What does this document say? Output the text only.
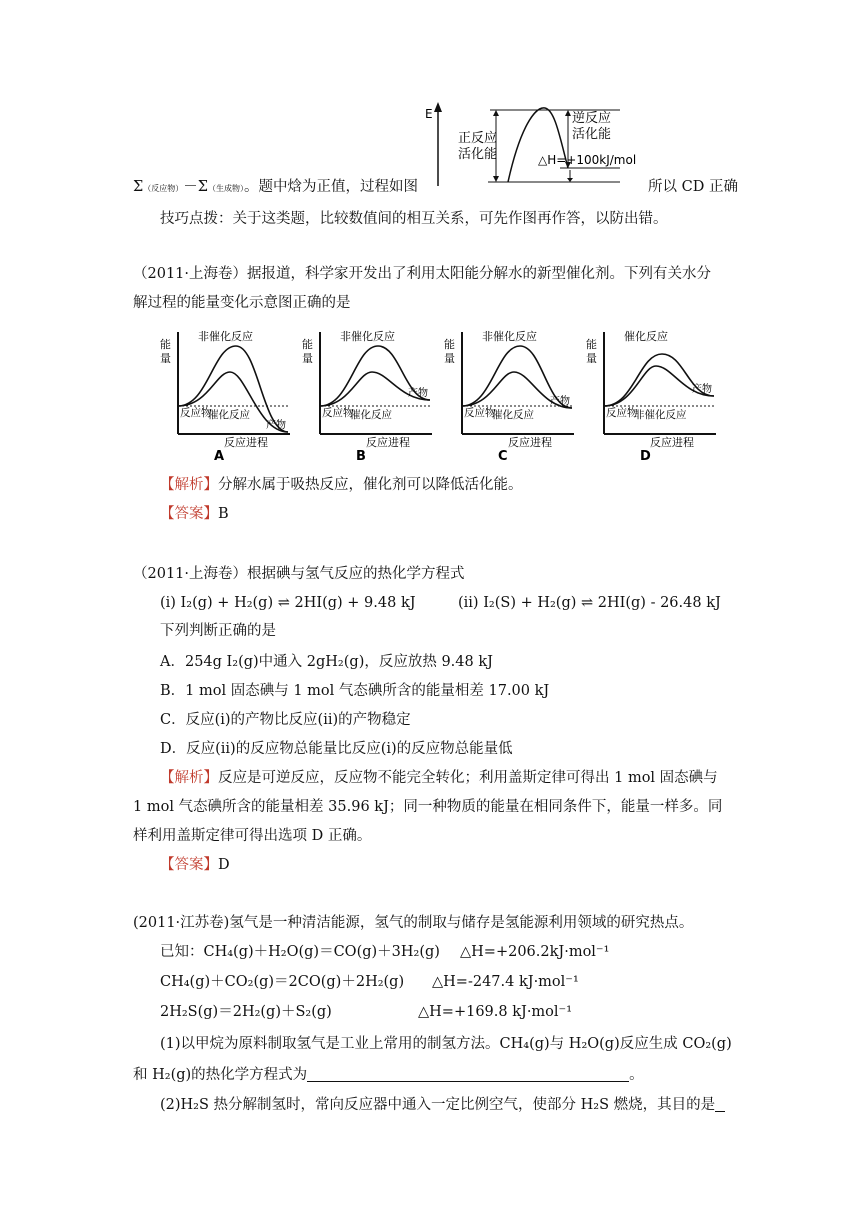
Σ（反应物）－Σ（生成物）。题中焓为正值，过程如图
E
正反应
活化能
逆反应
活化能
△H=+100kJ/mol
所以 CD 正确
技巧点拨：关于这类题，比较数值间的相互关系，可先作图再作答，以防出错。
（2011·上海卷）据报道，科学家开发出了利用太阳能分解水的新型催化剂。下列有关水分
解过程的能量变化示意图正确的是
能
量
非催化反应
催化反应
反应物
产物
反应进程
A
能
量
非催化反应
催化反应
反应物
产物
反应进程
B
能
量
非催化反应
催化反应
反应物
产物
反应进程
C
能
量
催化反应
非催化反应
反应物
产物
反应进程
D
【解析】分解水属于吸热反应，催化剂可以降低活化能。
【答案】B
（2011·上海卷）根据碘与氢气反应的热化学方程式
(i) I₂(g) + H₂(g) ⇌ 2HI(g) + 9.48 kJ	(ii) I₂(S) + H₂(g) ⇌ 2HI(g) - 26.48 kJ
下列判断正确的是
A．254g I₂(g)中通入 2gH₂(g)，反应放热 9.48 kJ
B．1 mol 固态碘与 1 mol 气态碘所含的能量相差 17.00 kJ
C．反应(i)的产物比反应(ii)的产物稳定
D．反应(ii)的反应物总能量比反应(i)的反应物总能量低
【解析】反应是可逆反应，反应物不能完全转化；利用盖斯定律可得出 1 mol 固态碘与
1 mol 气态碘所含的能量相差 35.96 kJ；同一种物质的能量在相同条件下，能量一样多。同
样利用盖斯定律可得出选项 D 正确。
【答案】D
(2011·江苏卷)氢气是一种清洁能源，氢气的制取与储存是氢能源利用领域的研究热点。
已知：CH₄(g)＋H₂O(g)＝CO(g)＋3H₂(g) △H=+206.2kJ·mol⁻¹
CH₄(g)＋CO₂(g)＝2CO(g)＋2H₂(g) △H=-247.4 kJ·mol⁻¹
2H₂S(g)＝2H₂(g)＋S₂(g)	△H=+169.8 kJ·mol⁻¹
(1)以甲烷为原料制取氢气是工业上常用的制氢方法。CH₄(g)与 H₂O(g)反应生成 CO₂(g)
和 H₂(g)的热化学方程式为	。
(2)H₂S 热分解制氢时，常向反应器中通入一定比例空气，使部分 H₂S 燃烧，其目的是
